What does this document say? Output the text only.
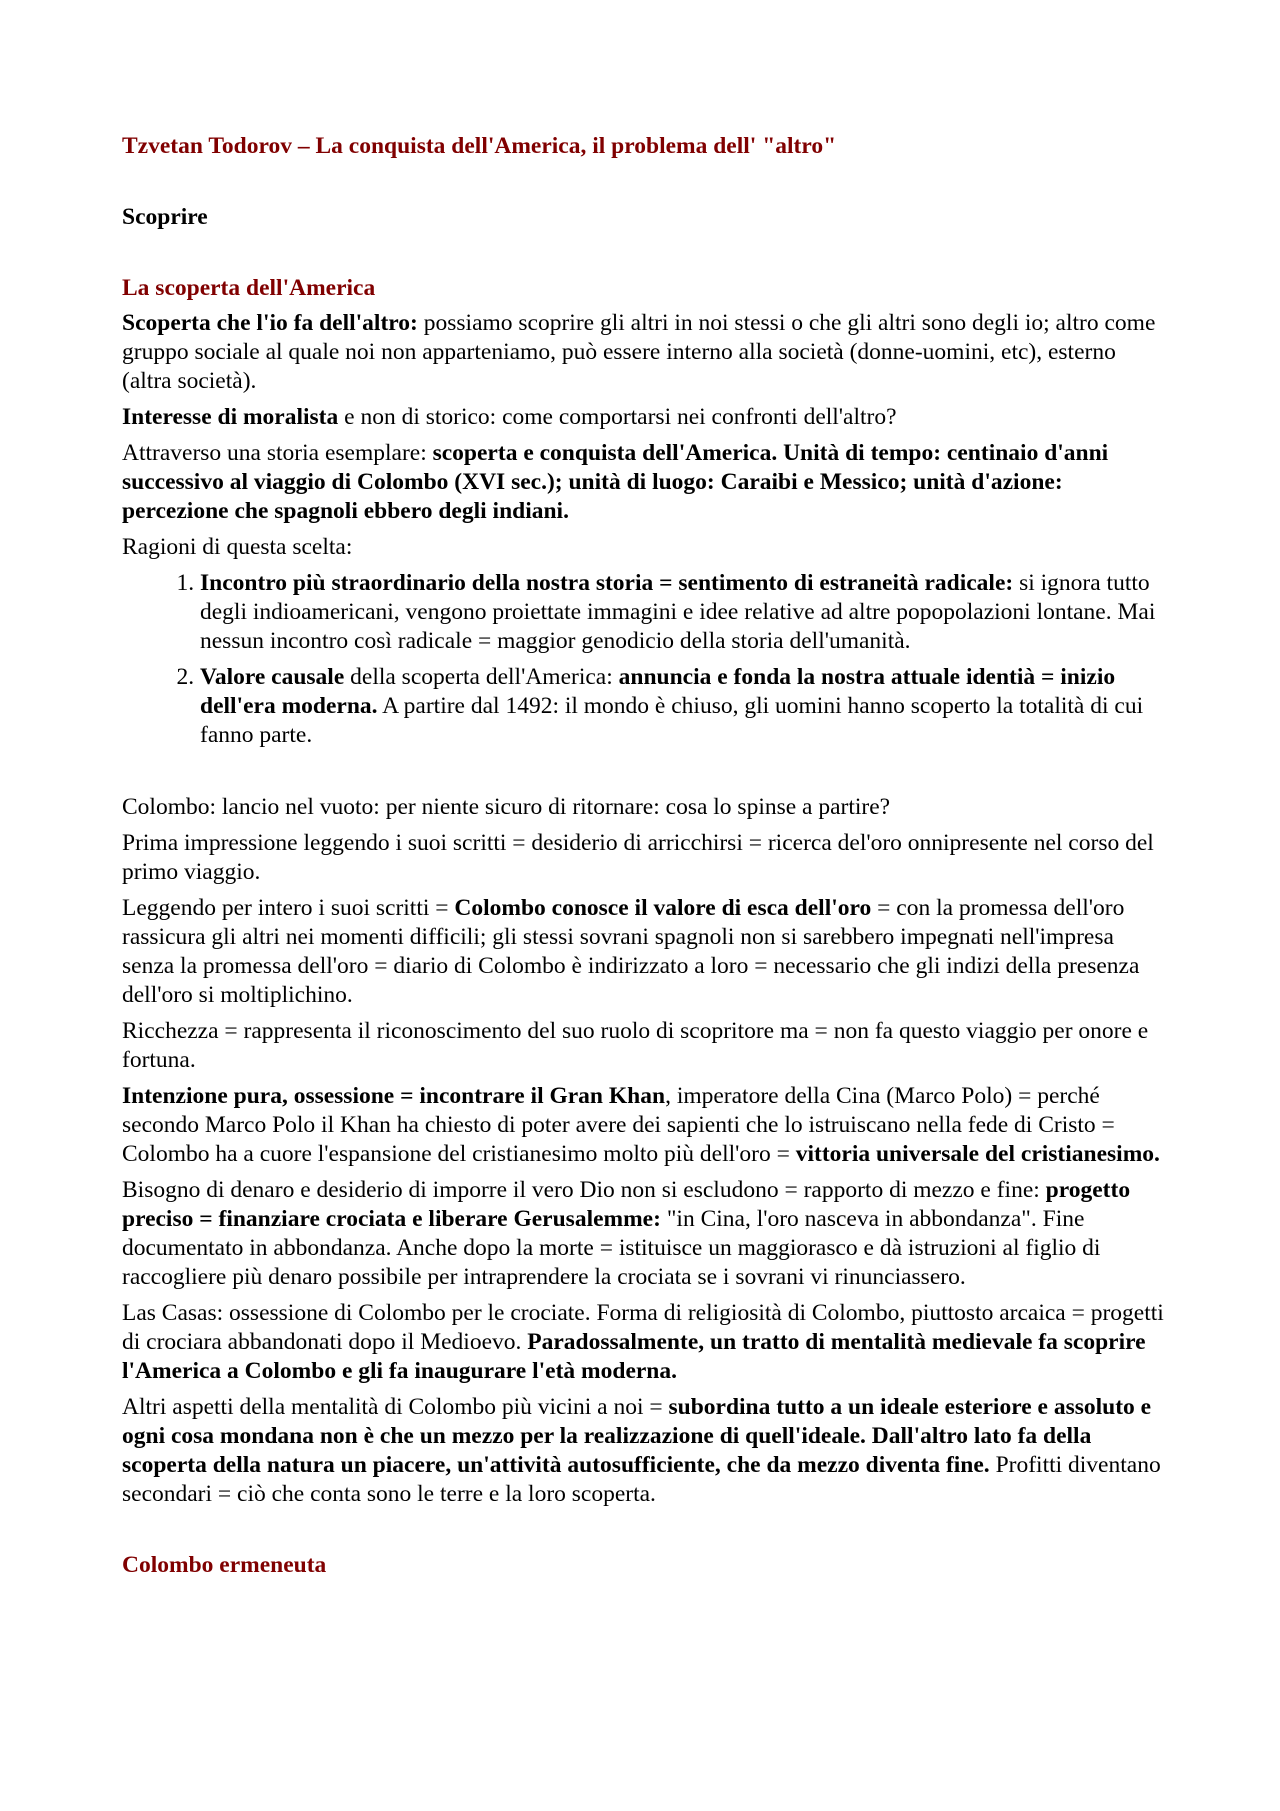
Tzvetan Todorov – La conquista dell'America, il problema dell' "altro"
Scoprire
La scoperta dell'America

Scoperta che l'io fa dell'altro: possiamo scoprire gli altri in noi stessi o che gli altri sono degli io; altro come gruppo sociale al quale noi non apparteniamo, può essere interno alla società (donne-uomini, etc), esterno (altra società).

Interesse di moralista e non di storico: come comportarsi nei confronti dell'altro?

Attraverso una storia esemplare: scoperta e conquista dell'America. Unità di tempo: centinaio d'anni successivo al viaggio di Colombo (XVI sec.); unità di luogo: Caraibi e Messico; unità d'azione: percezione che spagnoli ebbero degli indiani.

Ragioni di questa scelta:

1. Incontro più straordinario della nostra storia = sentimento di estraneità radicale: si ignora tutto degli indioamericani, vengono proiettate immagini e idee relative ad altre popopolazioni lontane. Mai nessun incontro così radicale = maggior genodicio della storia dell'umanità.
2. Valore causale della scoperta dell'America: annuncia e fonda la nostra attuale identià = inizio dell'era moderna. A partire dal 1492: il mondo è chiuso, gli uomini hanno scoperto la totalità di cui fanno parte.

Colombo: lancio nel vuoto: per niente sicuro di ritornare: cosa lo spinse a partire?

Prima impressione leggendo i suoi scritti = desiderio di arricchirsi = ricerca del'oro onnipresente nel corso del primo viaggio.

Leggendo per intero i suoi scritti = Colombo conosce il valore di esca dell'oro = con la promessa dell'oro rassicura gli altri nei momenti difficili; gli stessi sovrani spagnoli non si sarebbero impegnati nell'impresa senza la promessa dell'oro = diario di Colombo è indirizzato a loro = necessario che gli indizi della presenza dell'oro si moltiplichino.

Ricchezza = rappresenta il riconoscimento del suo ruolo di scopritore ma = non fa questo viaggio per onore e fortuna.

Intenzione pura, ossessione = incontrare il Gran Khan, imperatore della Cina (Marco Polo) = perché secondo Marco Polo il Khan ha chiesto di poter avere dei sapienti che lo istruiscano nella fede di Cristo = Colombo ha a cuore l'espansione del cristianesimo molto più dell'oro = vittoria universale del cristianesimo.

Bisogno di denaro e desiderio di imporre il vero Dio non si escludono = rapporto di mezzo e fine: progetto preciso = finanziare crociata e liberare Gerusalemme: "in Cina, l'oro nasceva in abbondanza". Fine documentato in abbondanza. Anche dopo la morte = istituisce un maggiorasco e dà istruzioni al figlio di raccogliere più denaro possibile per intraprendere la crociata se i sovrani vi rinunciassero.

Las Casas: ossessione di Colombo per le crociate. Forma di religiosità di Colombo, piuttosto arcaica = progetti di crociara abbandonati dopo il Medioevo. Paradossalmente, un tratto di mentalità medievale fa scoprire l'America a Colombo e gli fa inaugurare l'età moderna.

Altri aspetti della mentalità di Colombo più vicini a noi = subordina tutto a un ideale esteriore e assoluto e ogni cosa mondana non è che un mezzo per la realizzazione di quell'ideale. Dall'altro lato fa della scoperta della natura un piacere, un'attività autosufficiente, che da mezzo diventa fine. Profitti diventano secondari = ciò che conta sono le terre e la loro scoperta.

Colombo ermeneuta
